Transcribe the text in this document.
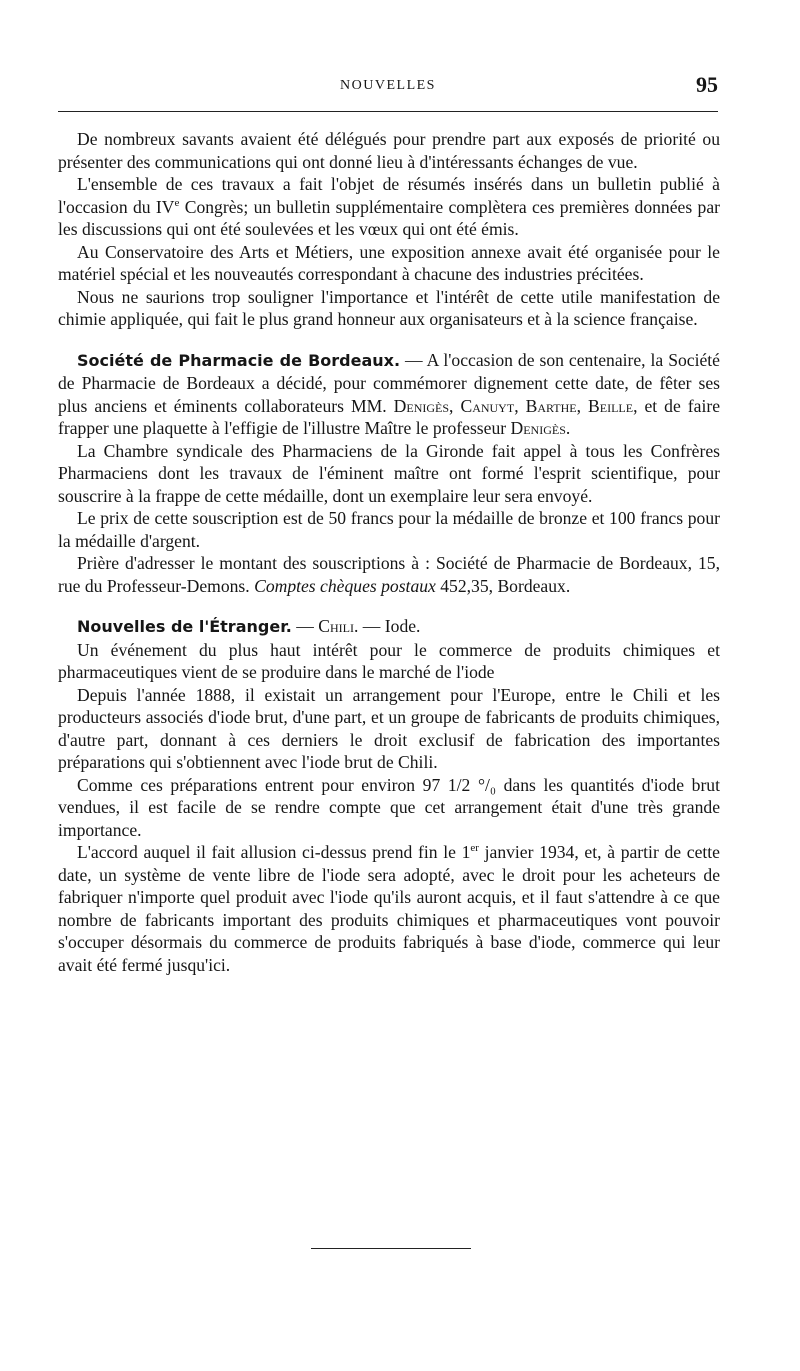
NOUVELLES	95

De nombreux savants avaient été délégués pour prendre part aux exposés de priorité ou présenter des communications qui ont donné lieu à d'intéressants échanges de vue.

L'ensemble de ces travaux a fait l'objet de résumés insérés dans un bulletin publié à l'occasion du IVe Congrès; un bulletin supplémentaire complètera ces premières données par les discussions qui ont été soulevées et les vœux qui ont été émis.

Au Conservatoire des Arts et Métiers, une exposition annexe avait été organisée pour le matériel spécial et les nouveautés correspondant à chacune des industries précitées.

Nous ne saurions trop souligner l'importance et l'intérêt de cette utile manifestation de chimie appliquée, qui fait le plus grand honneur aux organisateurs et à la science française.

Société de Pharmacie de Bordeaux. — A l'occasion de son centenaire, la Société de Pharmacie de Bordeaux a décidé, pour commémorer dignement cette date, de fêter ses plus anciens et éminents collaborateurs MM. Denigès, Canuyt, Barthe, Beille, et de faire frapper une plaquette à l'effigie de l'illustre Maître le professeur Denigès.

La Chambre syndicale des Pharmaciens de la Gironde fait appel à tous les Confrères Pharmaciens dont les travaux de l'éminent maître ont formé l'esprit scientifique, pour souscrire à la frappe de cette médaille, dont un exemplaire leur sera envoyé.

Le prix de cette souscription est de 50 francs pour la médaille de bronze et 100 francs pour la médaille d'argent.

Prière d'adresser le montant des souscriptions à : Société de Pharmacie de Bordeaux, 15, rue du Professeur-Demons. Comptes chèques postaux 452,35, Bordeaux.

Nouvelles de l'Étranger. — Chili. — Iode.

Un événement du plus haut intérêt pour le commerce de produits chimiques et pharmaceutiques vient de se produire dans le marché de l'iode

Depuis l'année 1888, il existait un arrangement pour l'Europe, entre le Chili et les producteurs associés d'iode brut, d'une part, et un groupe de fabricants de produits chimiques, d'autre part, donnant à ces derniers le droit exclusif de fabrication des importantes préparations qui s'obtiennent avec l'iode brut de Chili.

Comme ces préparations entrent pour environ 97 1/2 °/₀ dans les quantités d'iode brut vendues, il est facile de se rendre compte que cet arrangement était d'une très grande importance.

L'accord auquel il fait allusion ci-dessus prend fin le 1er janvier 1934, et, à partir de cette date, un système de vente libre de l'iode sera adopté, avec le droit pour les acheteurs de fabriquer n'importe quel produit avec l'iode qu'ils auront acquis, et il faut s'attendre à ce que nombre de fabricants important des produits chimiques et pharmaceutiques vont pouvoir s'occuper désormais du commerce de produits fabriqués à base d'iode, commerce qui leur avait été fermé jusqu'ici.
